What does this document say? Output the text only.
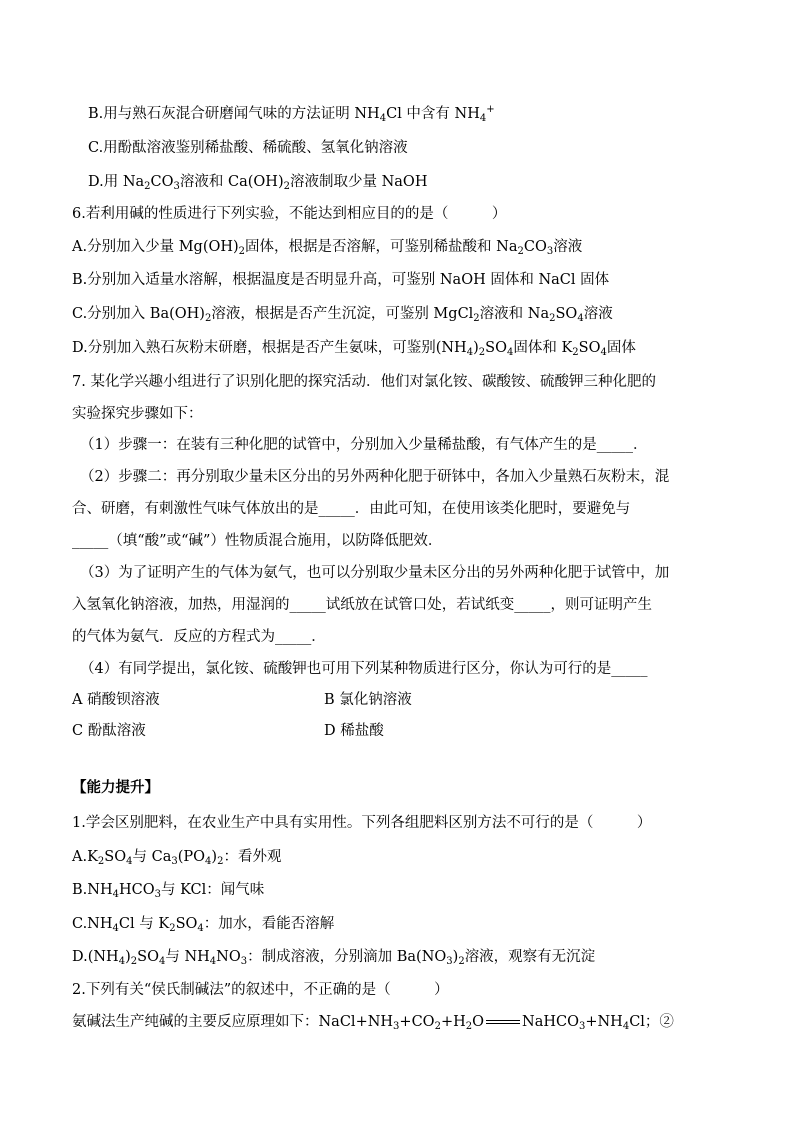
B.用与熟石灰混合研磨闻气味的方法证明 $NH_4Cl$ 中含有 $NH_4^+$
C.用酚酞溶液鉴别稀盐酸、稀硫酸、氢氧化钠溶液
D.用 $Na_2CO_3$溶液和 $Ca(OH)_2$溶液制取少量 NaOH
6.若利用碱的性质进行下列实验，不能达到相应目的的是（　　　）
A.分别加入少量 $Mg(OH)_2$固体，根据是否溶解，可鉴别稀盐酸和 $Na_2CO_3$溶液
B.分别加入适量水溶解，根据温度是否明显升高，可鉴别 NaOH 固体和 NaCl 固体
C.分别加入 $Ba(OH)_2$溶液，根据是否产生沉淀，可鉴别 MgCl$_2$溶液和 $Na_2SO_4$溶液
D.分别加入熟石灰粉末研磨，根据是否产生氨味，可鉴别$(NH_4)_2SO_4$固体和 $K_2SO_4$固体
7. 某化学兴趣小组进行了识别化肥的探究活动．他们对氯化铵、碳酸铵、硫酸钾三种化肥的
实验探究步骤如下：
（1）步骤一：在装有三种化肥的试管中，分别加入少量稀盐酸，有气体产生的是_____．
（2）步骤二：再分别取少量未区分出的另外两种化肥于研钵中，各加入少量熟石灰粉末，混
合、研磨，有刺激性气味气体放出的是_____．由此可知，在使用该类化肥时，要避免与
_____（填“酸”或“碱”）性物质混合施用，以防降低肥效．
（3）为了证明产生的气体为氨气，也可以分别取少量未区分出的另外两种化肥于试管中，加
入氢氧化钠溶液，加热，用湿润的_____试纸放在试管口处，若试纸变_____，则可证明产生
的气体为氨气．反应的方程式为_____．
（4）有同学提出，氯化铵、硫酸钾也可用下列某种物质进行区分，你认为可行的是_____
A 硝酸钡溶液	B 氯化钠溶液
C 酚酞溶液	D 稀盐酸
【能力提升】
1.学会区别肥料，在农业生产中具有实用性。下列各组肥料区别方法不可行的是（　　　）
$A.K_2SO_4$与 $Ca_3(PO_4)_2$：看外观
$B.NH_4HCO_3$与 KCl：闻气味
$C.NH_4Cl$ 与 $K_2SO_4$：加水，看能否溶解
$D.(NH_4)_2SO_4$与 $NH_4NO_3$：制成溶液，分别滴加 $Ba(NO_3)_2$溶液，观察有无沉淀
2.下列有关“侯氏制碱法”的叙述中，不正确的是（　　　）
氨碱法生产纯碱的主要反应原理如下：$NaCl+NH_3+CO_2+H_2O$	$NaHCO_3+NH_4Cl$；②
